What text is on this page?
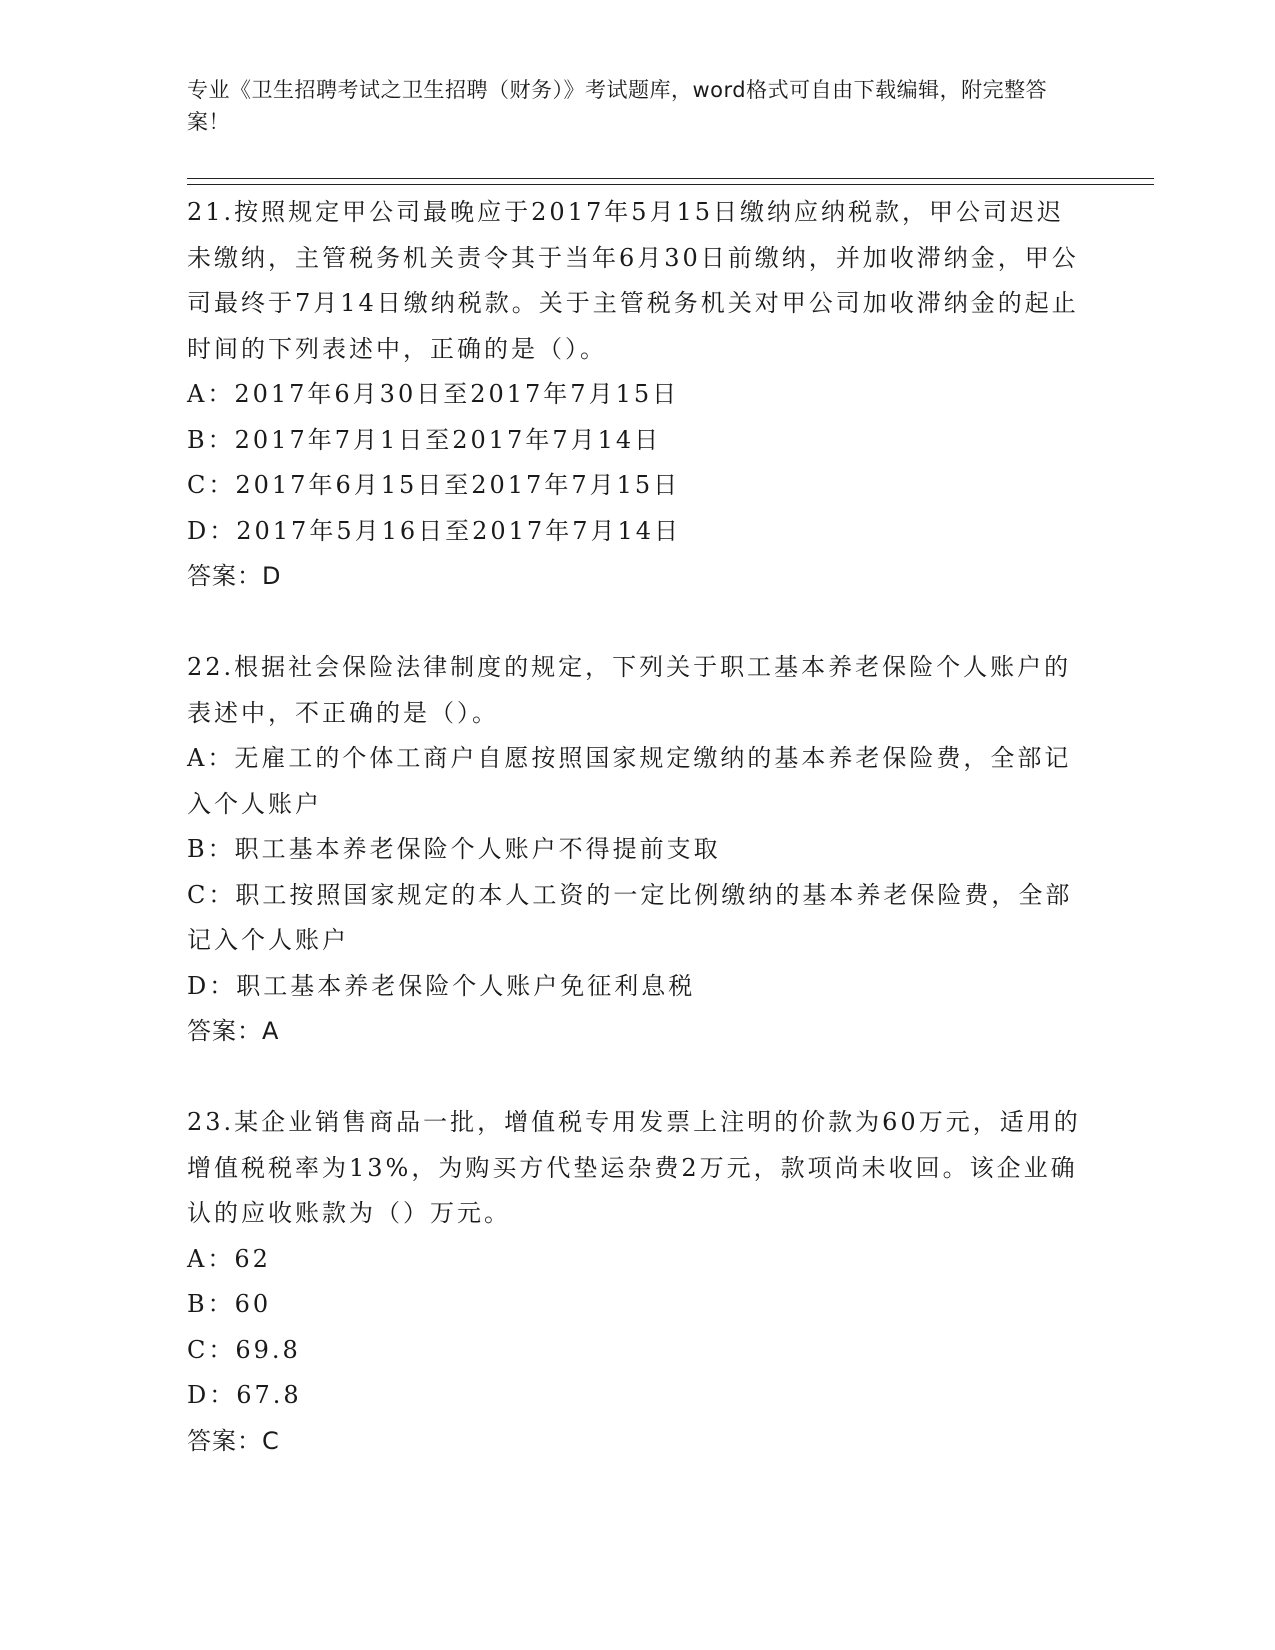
专业《卫生招聘考试之卫生招聘（财务）》考试题库，word格式可自由下载编辑，附完整答案！

21.按照规定甲公司最晚应于2017年5月15日缴纳应纳税款，甲公司迟迟未缴纳，主管税务机关责令其于当年6月30日前缴纳，并加收滞纳金，甲公司最终于7月14日缴纳税款。关于主管税务机关对甲公司加收滞纳金的起止时间的下列表述中，正确的是（）。

A：2017年6月30日至2017年7月15日

B：2017年7月1日至2017年7月14日

C：2017年6月15日至2017年7月15日

D：2017年5月16日至2017年7月14日

答案：D

22.根据社会保险法律制度的规定，下列关于职工基本养老保险个人账户的表述中，不正确的是（）。

A：无雇工的个体工商户自愿按照国家规定缴纳的基本养老保险费，全部记入个人账户

B：职工基本养老保险个人账户不得提前支取

C：职工按照国家规定的本人工资的一定比例缴纳的基本养老保险费，全部记入个人账户

D：职工基本养老保险个人账户免征利息税

答案：A

23.某企业销售商品一批，增值税专用发票上注明的价款为60万元，适用的增值税税率为13%，为购买方代垫运杂费2万元，款项尚未收回。该企业确认的应收账款为（）万元。

A：62

B：60

C：69.8

D：67.8

答案：C
